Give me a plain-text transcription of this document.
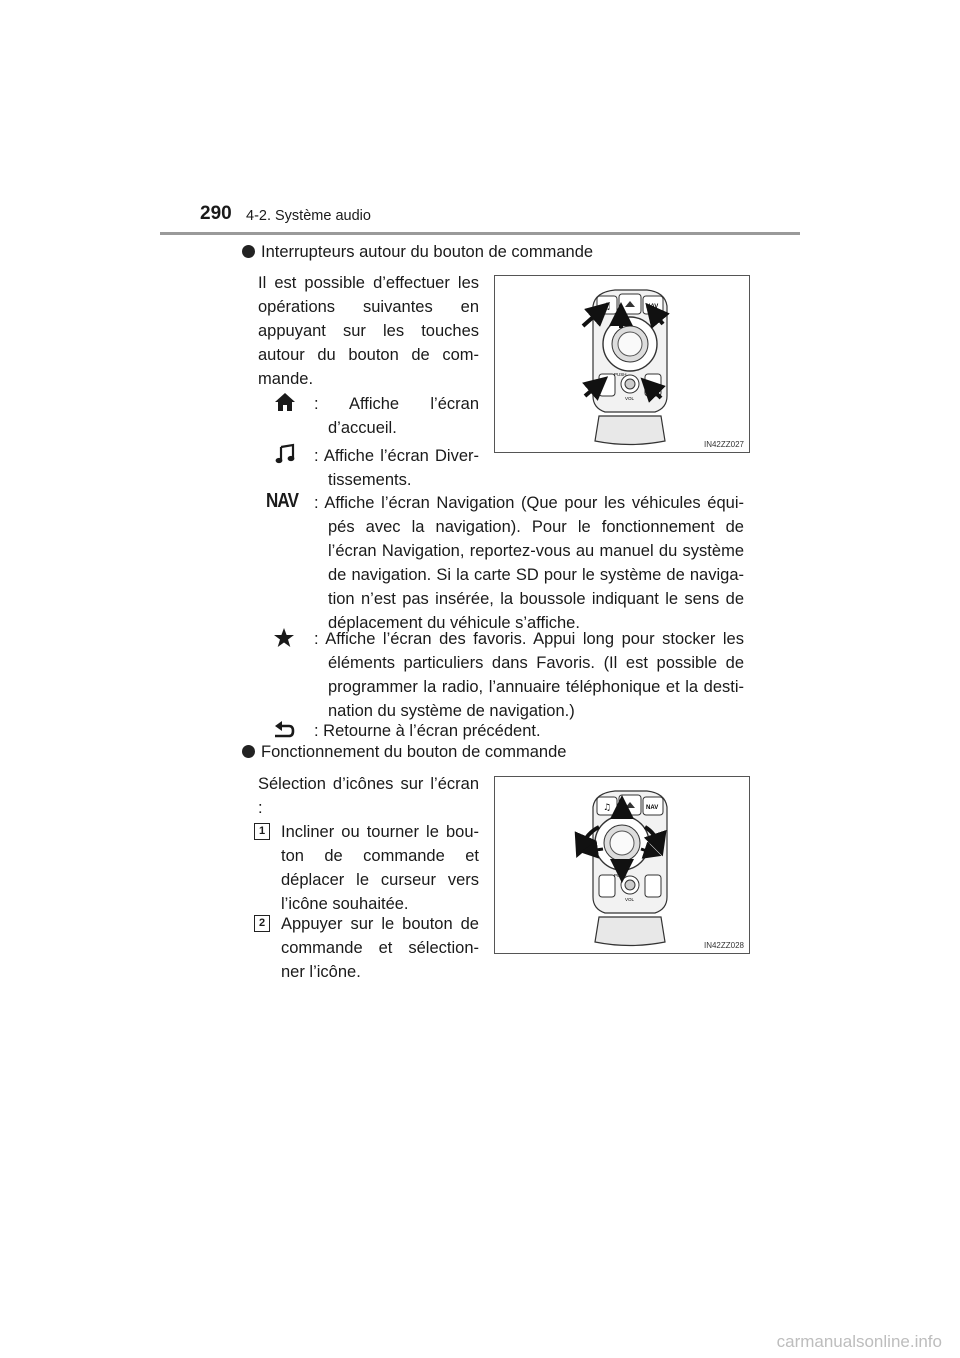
290 4-2. Système audio
Interrupteurs autour du bouton de commande
Il est possible d’effectuer les opérations suivantes en appuyant sur les touches autour du bouton de com- mande.
♫	NAV
PUSH
VOL
IN42ZZ027
NAV
: Affiche l’écran d’accueil.
: Affiche l’écran Diver- tissements.
: Affiche l’écran Navigation (Que pour les véhicules équi- pés avec la navigation). Pour le fonctionnement de l’écran Navigation, reportez-vous au manuel du système de navigation. Si la carte SD pour le système de naviga- tion n’est pas insérée, la boussole indiquant le sens de déplacement du véhicule s’affiche.
: Affiche l’écran des favoris. Appui long pour stocker les éléments particuliers dans Favoris. (Il est possible de programmer la radio, l’annuaire téléphonique et la desti- nation du système de navigation.)
: Retourne à l’écran précédent.
Fonctionnement du bouton de commande
Sélection d’icônes sur l’écran :
1 Incliner ou tourner le bou- ton de commande et déplacer le curseur vers l’icône souhaitée.
2 Appuyer sur le bouton de commande et sélection- ner l’icône.
♫	NAV
PUSH
VOL
IN42ZZ028
carmanualsonline.info
